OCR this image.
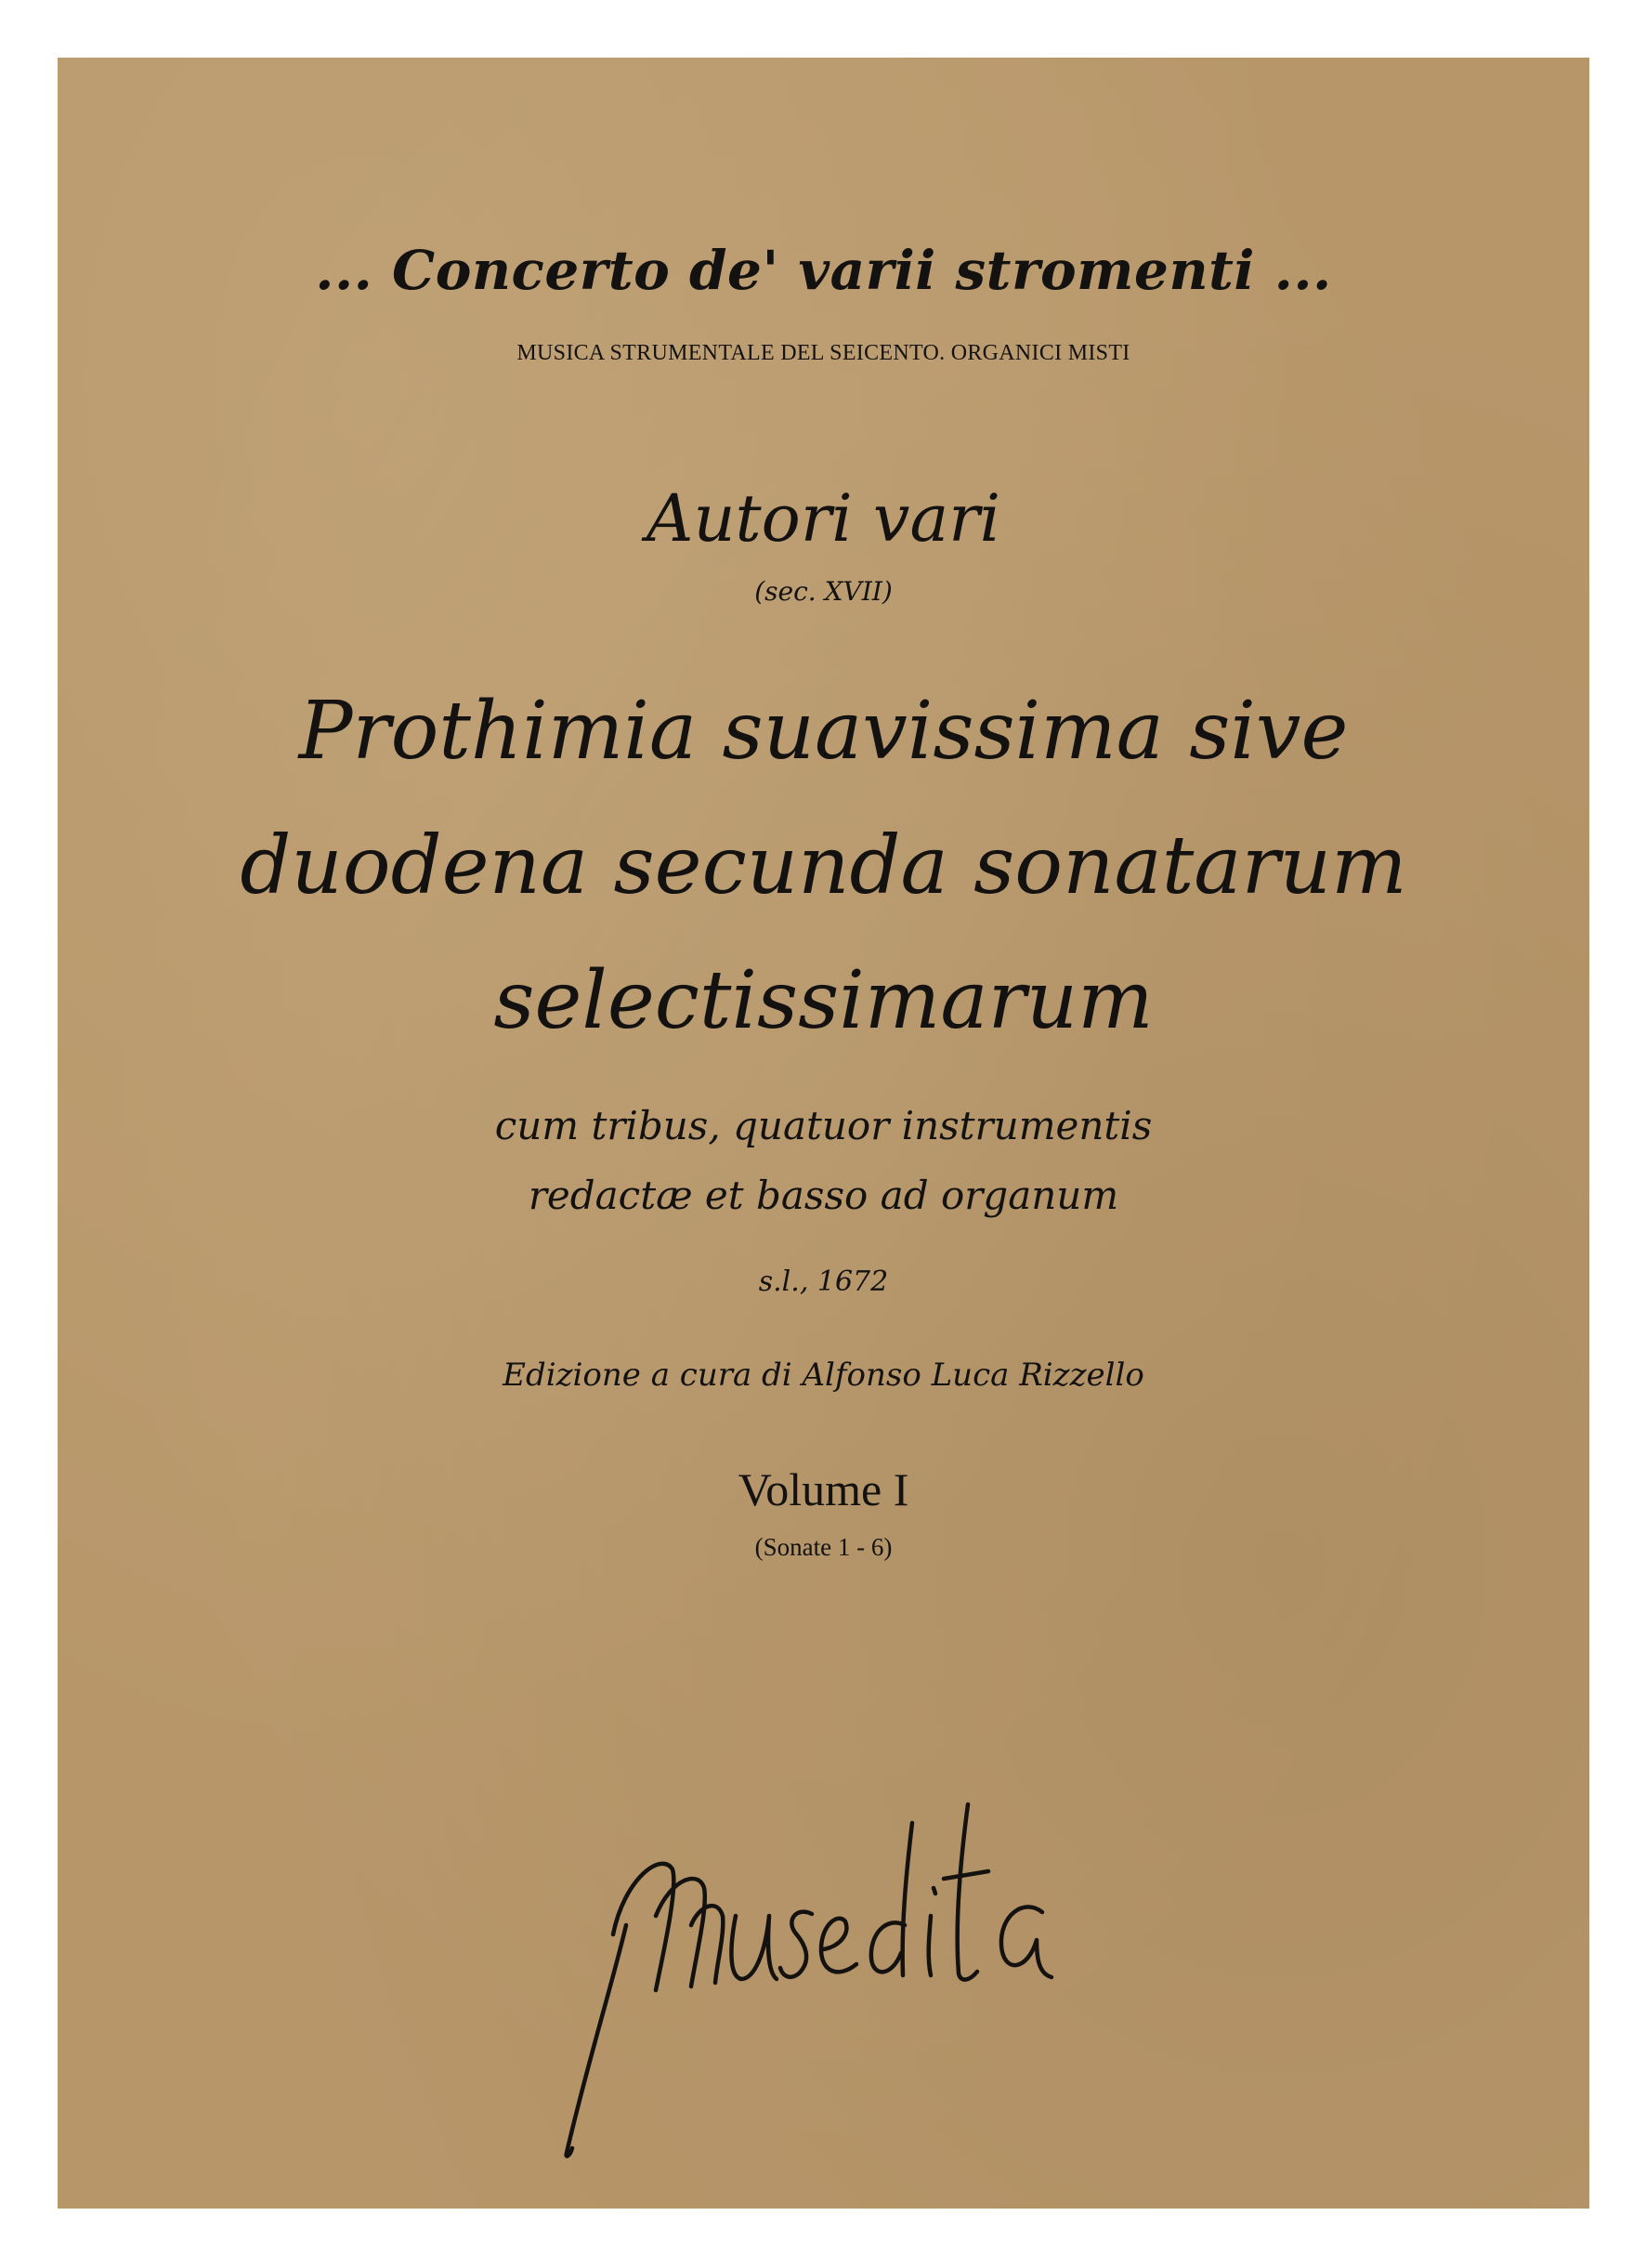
... Concerto de' varii stromenti ...
MUSICA STRUMENTALE DEL SEICENTO. ORGANICI MISTI
Autori vari
(sec. XVII)
Prothimia suavissima sive
duodena secunda sonatarum
selectissimarum
cum tribus, quatuor instrumentis
redactæ et basso ad organum
s.l., 1672
Edizione a cura di Alfonso Luca Rizzello
Volume I
(Sonate 1 - 6)
